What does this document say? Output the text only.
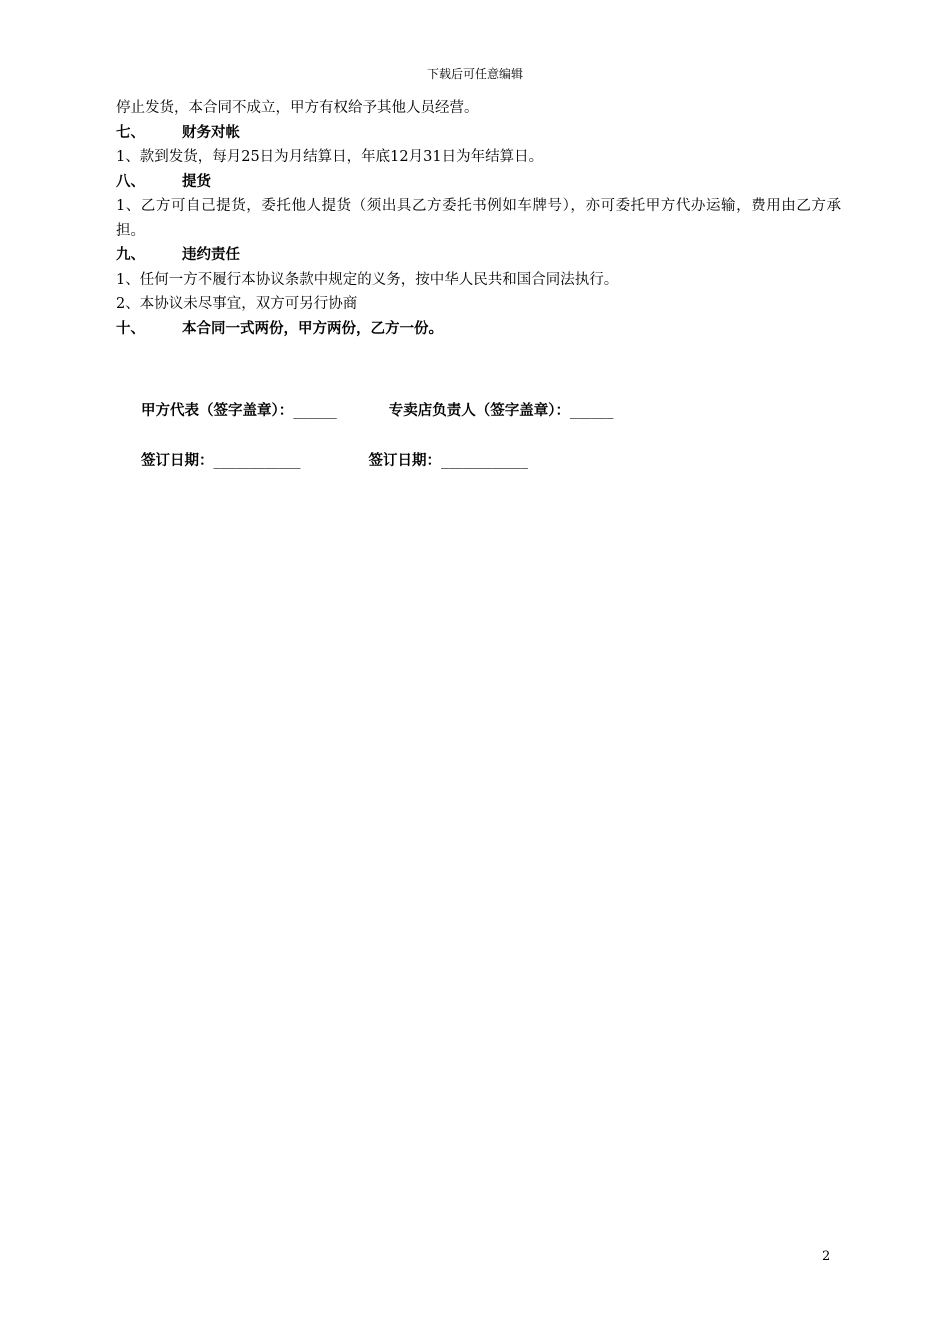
下载后可任意编辑
停止发货，本合同不成立，甲方有权给予其他人员经营。
七、	财务对帐
1、款到发货，每月25日为月结算日，年底12月31日为年结算日。
八、	提货
1、乙方可自己提货，委托他人提货（须出具乙方委托书例如车牌号），亦可委托甲方代办运输，费用由乙方承担。
九、	违约责任
1、任何一方不履行本协议条款中规定的义务，按中华人民共和国合同法执行。
2、本协议未尽事宜，双方可另行协商
十、	本合同一式两份，甲方两份，乙方一份。
甲方代表（签字盖章）：______	专卖店负责人（签字盖章）：______
签订日期：____________	签订日期：____________
2
